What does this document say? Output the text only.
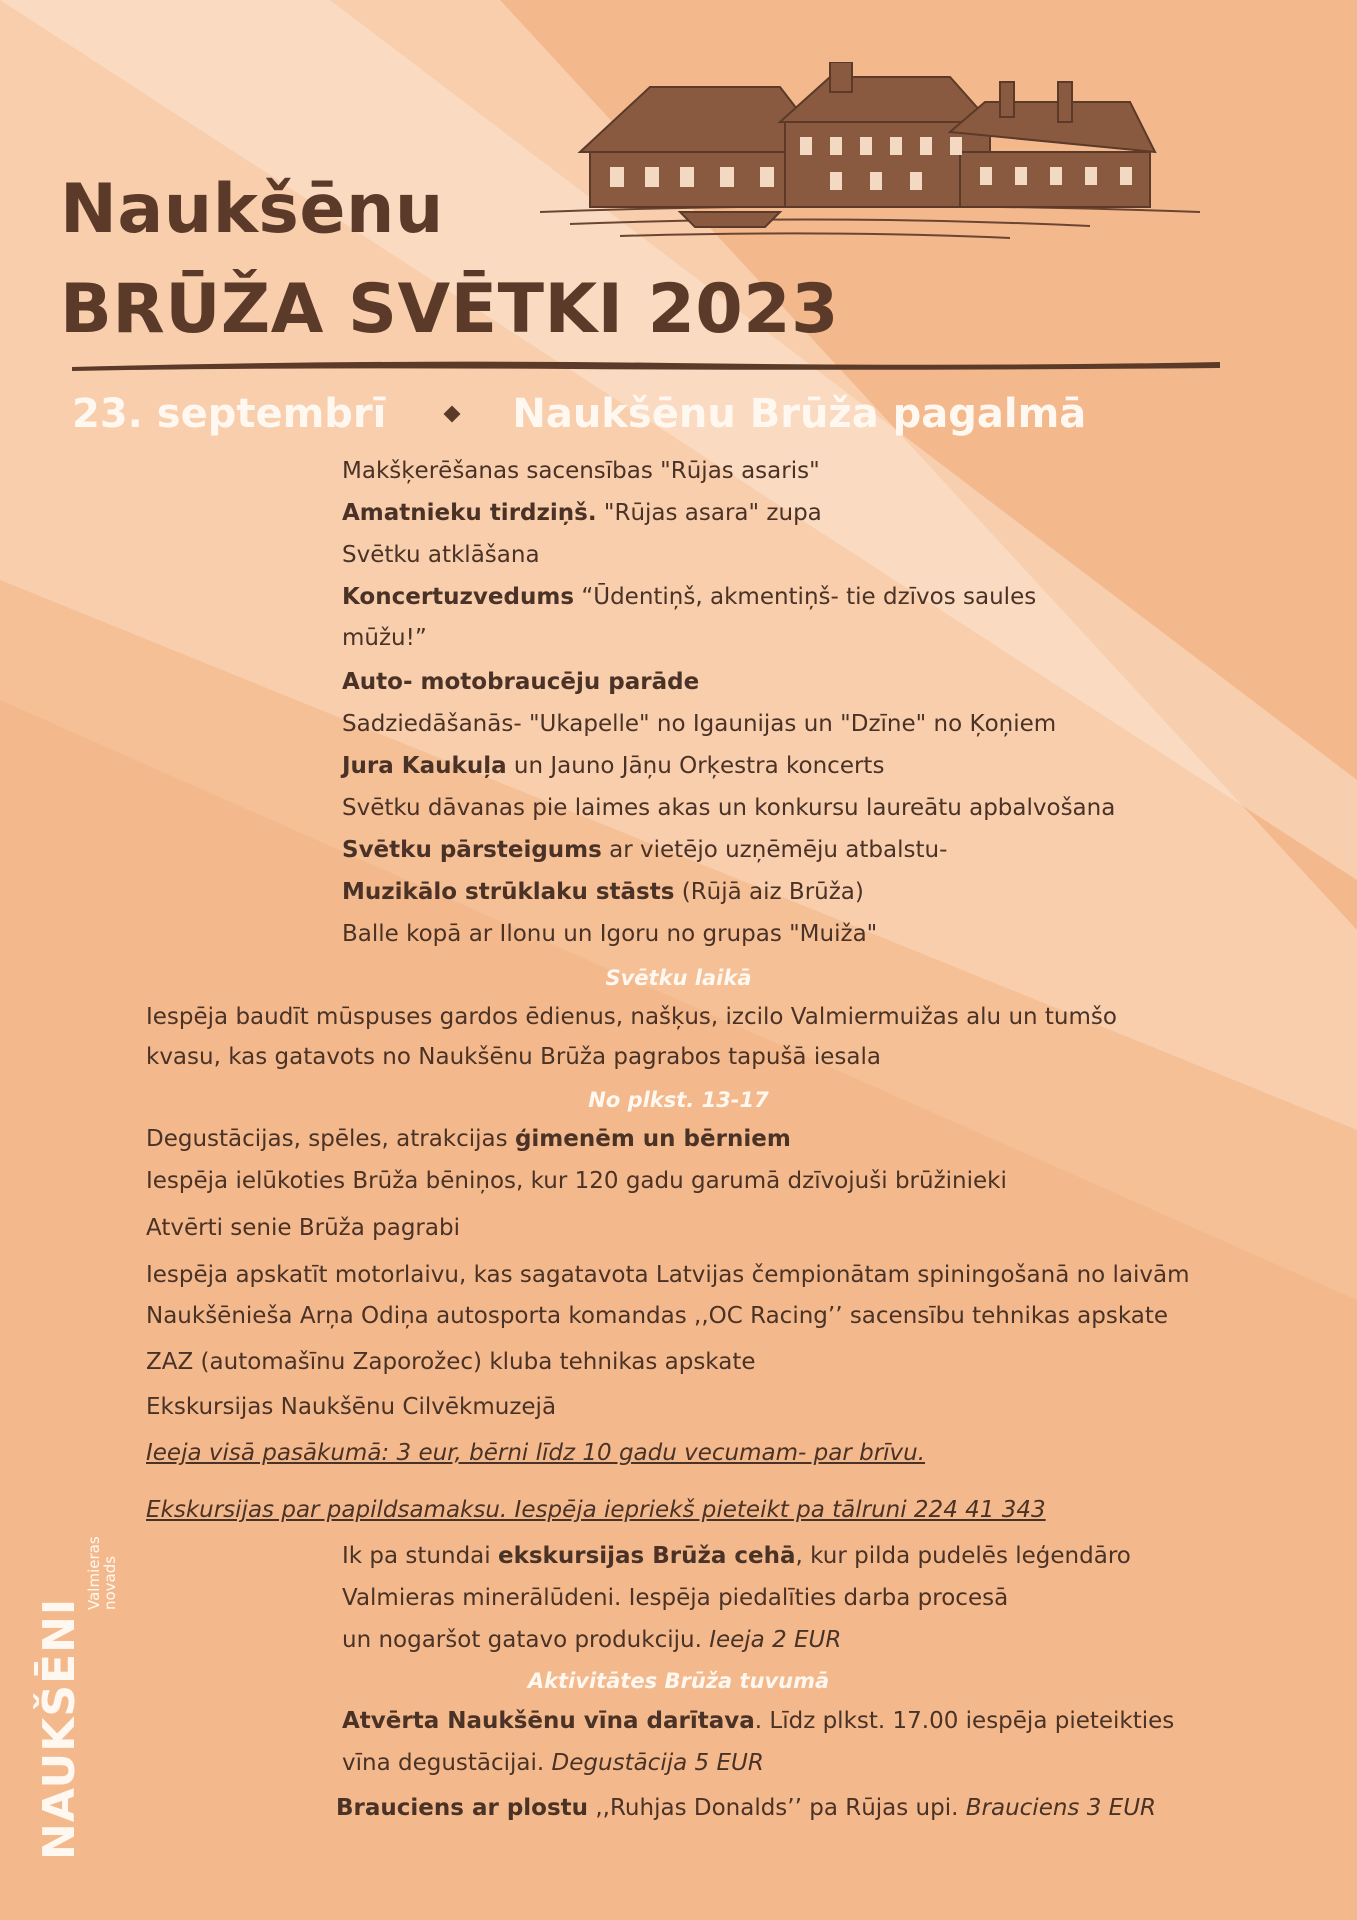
Naukšēnu
BRŪŽA SVĒTKI 2023
23. septembrī	Naukšēnu Brūža pagalmā
Makšķerēšanas sacensības "Rūjas asaris"
Amatnieku tirdziņš. "Rūjas asara" zupa
Svētku atklāšana
Koncertuzvedums “Ūdentiņš, akmentiņš- tie dzīvos saules
mūžu!”
Auto- motobraucēju parāde
Sadziedāšanās- "Ukapelle" no Igaunijas un "Dzīne" no Ķoņiem
Jura Kaukuļa un Jauno Jāņu Orķestra koncerts
Svētku dāvanas pie laimes akas un konkursu laureātu apbalvošana
Svētku pārsteigums ar vietējo uzņēmēju atbalstu-
Muzikālo strūklaku stāsts (Rūjā aiz Brūža)
Balle kopā ar Ilonu un Igoru no grupas "Muiža"
Svētku laikā
Iespēja baudīt mūspuses gardos ēdienus, našķus, izcilo Valmiermuižas alu un tumšo
kvasu, kas gatavots no Naukšēnu Brūža pagrabos tapušā iesala
No plkst. 13-17
Degustācijas, spēles, atrakcijas ģimenēm un bērniem
Iespēja ielūkoties Brūža bēniņos, kur 120 gadu garumā dzīvojuši brūžinieki
Atvērti senie Brūža pagrabi
Iespēja apskatīt motorlaivu, kas sagatavota Latvijas čempionātam spiningošanā no laivām
Naukšēnieša Arņa Odiņa autosporta komandas ,,OC Racing’’ sacensību tehnikas apskate
ZAZ (automašīnu Zaporožec) kluba tehnikas apskate
Ekskursijas Naukšēnu Cilvēkmuzejā
Ieeja visā pasākumā: 3 eur, bērni līdz 10 gadu vecumam- par brīvu.
Ekskursijas par papildsamaksu. Iespēja iepriekš pieteikt pa tālruni 224 41 343
Ik pa stundai ekskursijas Brūža cehā, kur pilda pudelēs leģendāro
Valmieras minerālūdeni. Iespēja piedalīties darba procesā
un nogaršot gatavo produkciju. Ieeja 2 EUR
Aktivitātes Brūža tuvumā
Atvērta Naukšēnu vīna darītava. Līdz plkst. 17.00 iespēja pieteikties
vīna degustācijai. Degustācija 5 EUR
Brauciens ar plostu ,,Ruhjas Donalds’’ pa Rūjas upi. Brauciens 3 EUR
NAUKŠĒNI
Valmieras
novads
